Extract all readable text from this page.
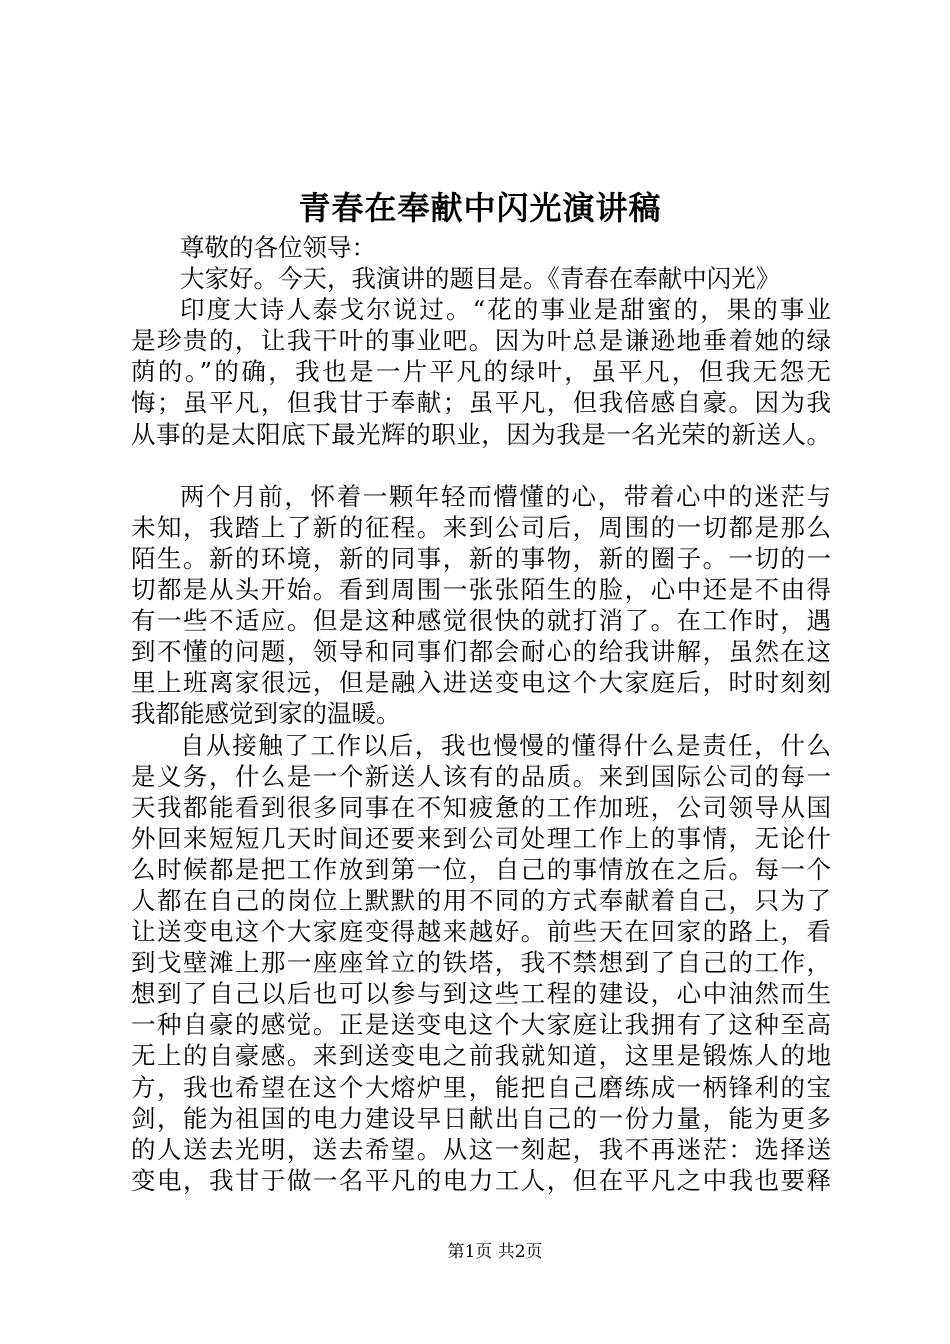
青春在奉献中闪光演讲稿
尊敬的各位领导：
大家好。今天，我演讲的题目是。《青春在奉献中闪光》
印度大诗人泰戈尔说过。“花的事业是甜蜜的，果的事业
是珍贵的，让我干叶的事业吧。因为叶总是谦逊地垂着她的绿
荫的。”的确，我也是一片平凡的绿叶，虽平凡，但我无怨无
悔；虽平凡，但我甘于奉献；虽平凡，但我倍感自豪。因为我
从事的是太阳底下最光辉的职业，因为我是一名光荣的新送人。
两个月前，怀着一颗年轻而懵懂的心，带着心中的迷茫与
未知，我踏上了新的征程。来到公司后，周围的一切都是那么
陌生。新的环境，新的同事，新的事物，新的圈子。一切的一
切都是从头开始。看到周围一张张陌生的脸，心中还是不由得
有一些不适应。但是这种感觉很快的就打消了。在工作时，遇
到不懂的问题，领导和同事们都会耐心的给我讲解，虽然在这
里上班离家很远，但是融入进送变电这个大家庭后，时时刻刻
我都能感觉到家的温暖。
自从接触了工作以后，我也慢慢的懂得什么是责任，什么
是义务，什么是一个新送人该有的品质。来到国际公司的每一
天我都能看到很多同事在不知疲惫的工作加班，公司领导从国
外回来短短几天时间还要来到公司处理工作上的事情，无论什
么时候都是把工作放到第一位，自己的事情放在之后。每一个
人都在自己的岗位上默默的用不同的方式奉献着自己，只为了
让送变电这个大家庭变得越来越好。前些天在回家的路上，看
到戈壁滩上那一座座耸立的铁塔，我不禁想到了自己的工作，
想到了自己以后也可以参与到这些工程的建设，心中油然而生
一种自豪的感觉。正是送变电这个大家庭让我拥有了这种至高
无上的自豪感。来到送变电之前我就知道，这里是锻炼人的地
方，我也希望在这个大熔炉里，能把自己磨练成一柄锋利的宝
剑，能为祖国的电力建设早日献出自己的一份力量，能为更多
的人送去光明，送去希望。从这一刻起，我不再迷茫：选择送
变电，我甘于做一名平凡的电力工人，但在平凡之中我也要释
第1页 共2页
